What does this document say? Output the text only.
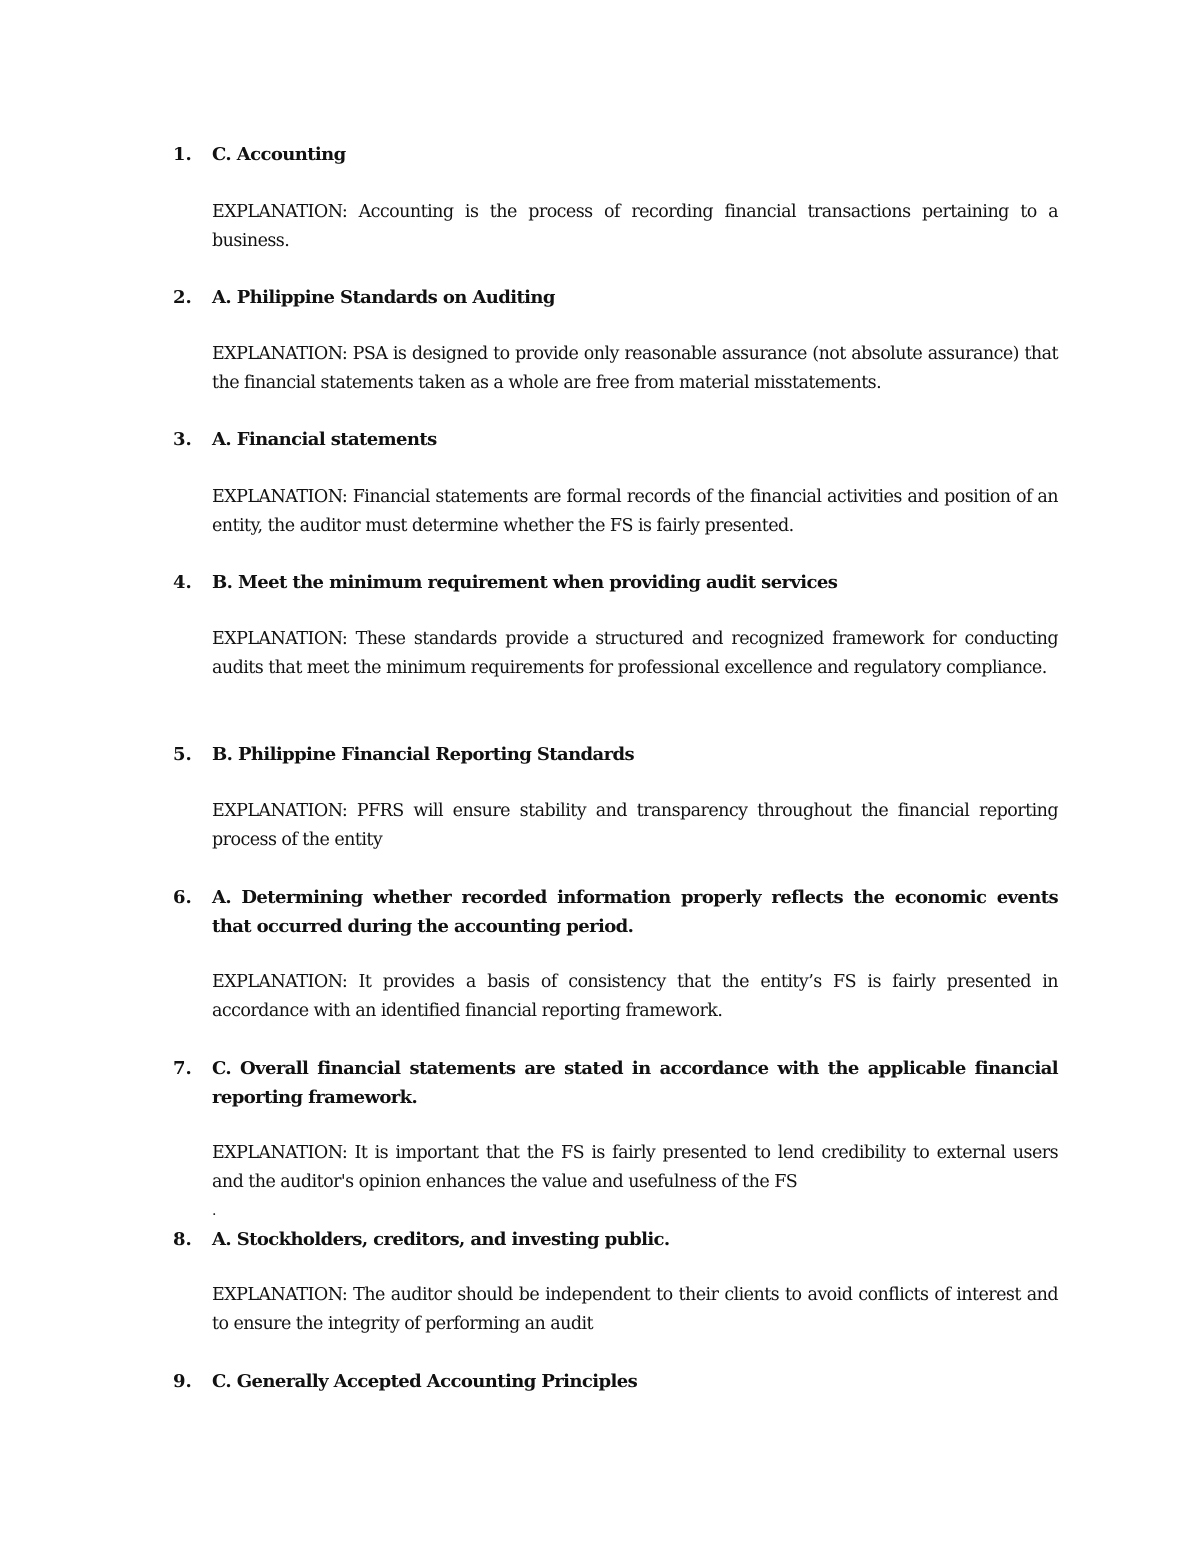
1.	C. Accounting
EXPLANATION: Accounting is the process of recording financial transactions pertaining to a business.
2.	A. Philippine Standards on Auditing
EXPLANATION: PSA is designed to provide only reasonable assurance (not absolute assurance) that the financial statements taken as a whole are free from material misstatements.
3.	A. Financial statements
EXPLANATION: Financial statements are formal records of the financial activities and position of an entity, the auditor must determine whether the FS is fairly presented.
4.	B. Meet the minimum requirement when providing audit services
EXPLANATION: These standards provide a structured and recognized framework for conducting audits that meet the minimum requirements for professional excellence and regulatory compliance.
5.	B. Philippine Financial Reporting Standards
EXPLANATION: PFRS will ensure stability and transparency throughout the financial reporting process of the entity
6.	A. Determining whether recorded information properly reflects the economic events that occurred during the accounting period.
EXPLANATION: It provides a basis of consistency that the entity’s FS is fairly presented in accordance with an identified financial reporting framework.
7.	C. Overall financial statements are stated in accordance with the applicable financial reporting framework.
EXPLANATION: It is important that the FS is fairly presented to lend credibility to external users and the auditor's opinion enhances the value and usefulness of the FS
.
8.	A. Stockholders, creditors, and investing public.
EXPLANATION: The auditor should be independent to their clients to avoid conflicts of interest and to ensure the integrity of performing an audit
9.	C. Generally Accepted Accounting Principles
